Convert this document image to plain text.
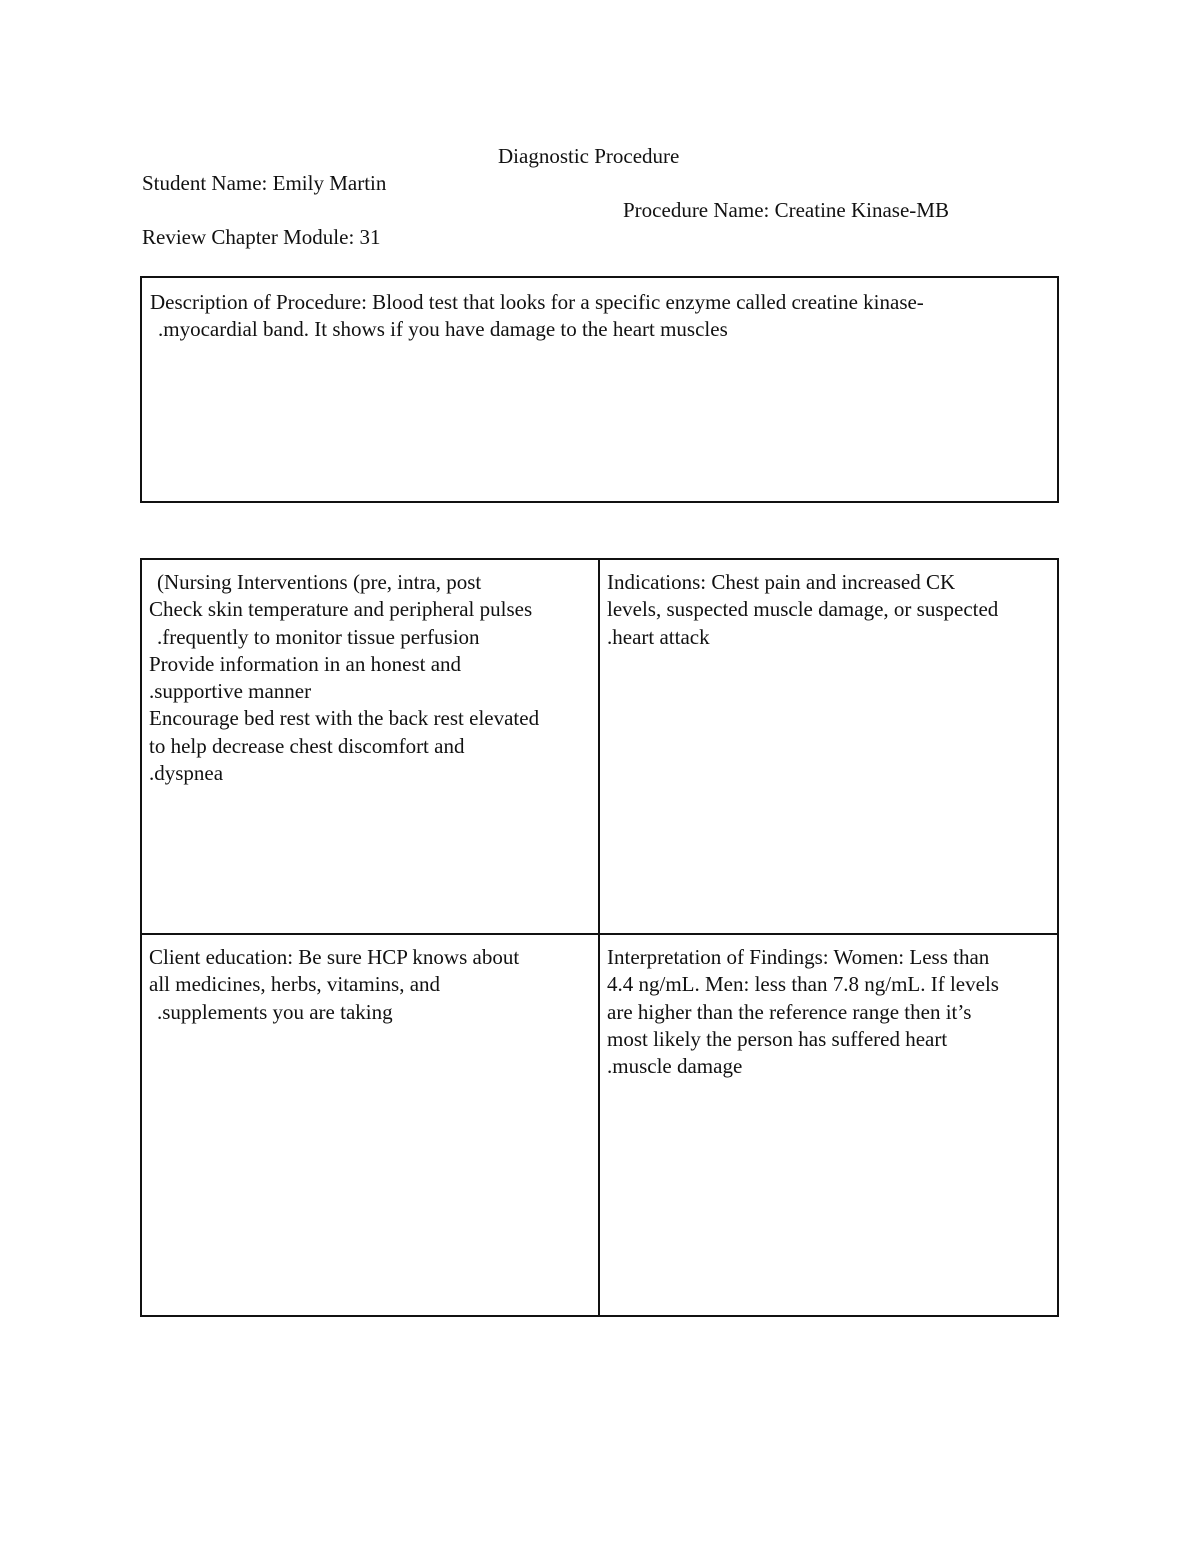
Diagnostic Procedure
Student Name: Emily Martin
Procedure Name: Creatine Kinase-MB
Review Chapter Module: 31
Description of Procedure: Blood test that looks for a specific enzyme called creatine kinase-
.myocardial band. It shows if you have damage to the heart muscles
(Nursing Interventions (pre, intra, post
Check skin temperature and peripheral pulses
.frequently to monitor tissue perfusion
Provide information in an honest and
.supportive manner
Encourage bed rest with the back rest elevated
to help decrease chest discomfort and
.dyspnea
Indications: Chest pain and increased CK
levels, suspected muscle damage, or suspected
.heart attack
Client education: Be sure HCP knows about
all medicines, herbs, vitamins, and
.supplements you are taking
Interpretation of Findings: Women: Less than
4.4 ng/mL. Men: less than 7.8 ng/mL. If levels
are higher than the reference range then it’s
most likely the person has suffered heart
.muscle damage
